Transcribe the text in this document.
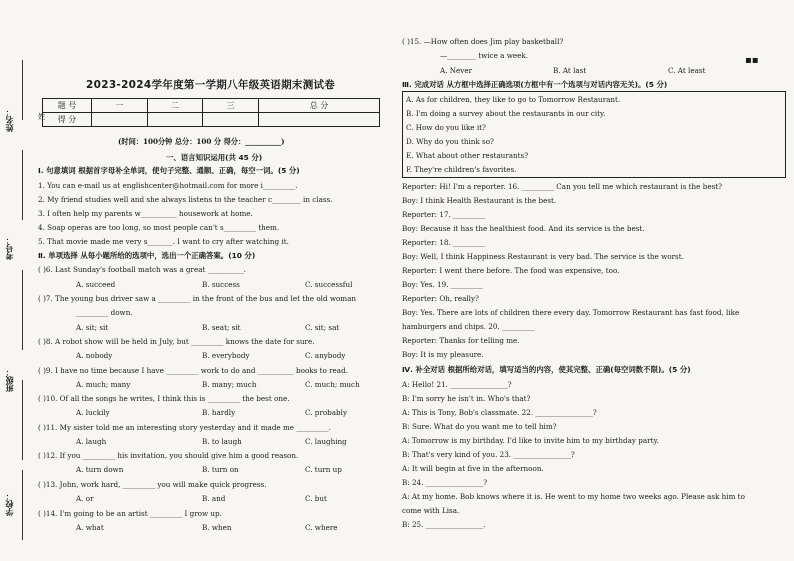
姓名：
考号：
班级：
学校：
姓
2023-2024学年度第一学期八年级英语期末测试卷
题 号	一	二	三	总 分
得 分				
(时间：100分钟 总分：100 分 得分：__________)
一、语言知识运用(共 45 分)
Ⅰ. 句意填词 根据首字母补全单词，使句子完整、通顺、正确，每空一词。(5 分)
1. You can e-mail us at englishcenter@hotmail.com for more i_________.
2. My friend studies well and she always listens to the teacher c________ in class.
3. I often help my parents w__________ housework at home.
4. Soap operas are too long, so most people can't s_________ them.
5. That movie made me very s_______. I want to cry after watching it.
Ⅱ. 单项选择 从每小题所给的选项中，选出一个正确答案。(10 分)
( )6. Last Sunday's football match was a great __________.
A. succeed	B. success	C. successful
( )7. The young bus driver saw a _________ in the front of the bus and let the old woman
_________ down.
A. sit; sit	B. seat; sit	C. sit; sat
( )8. A robot show will be held in July, but _________ knows the date for sure.
A. nobody	B. everybody	C. anybody
( )9. I have no time because I have _________ work to do and __________ books to read.
A. much; many	B. many; much	C. much; much
( )10. Of all the songs he writes, I think this is _________ the best one.
A. luckily	B. hardly	C. probably
( )11. My sister told me an interesting story yesterday and it made me _________.
A. laugh	B. to laugh	C. laughing
( )12. If you _________ his invitation, you should give him a good reason.
A. turn down	B. turn on	C. turn up
( )13. John, work hard, _________ you will make quick progress.
A. or	B. and	C. but
( )14. I'm going to be an artist _________ I grow up.
A. what	B. when	C. where
( )15. —How often does Jim play basketball?
—________ twice a week.
A. Never	B. At last	C. At least
▪▪
Ⅲ. 完成对话 从方框中选择正确选项(方框中有一个选项与对话内容无关)。(5 分)
A. As for children, they like to go to Tomorrow Restaurant.
B. I'm doing a survey about the restaurants in our city.
C. How do you like it?
D. Why do you think so?
E. What about other restaurants?
F. They're children's favorites.
Reporter: Hi! I'm a reporter. 16. _________ Can you tell me which restaurant is the best?
Boy: I think Health Restaurant is the best.
Reporter: 17. _________
Boy: Because it has the healthiest food. And its service is the best.
Reporter: 18. _________
Boy: Well, I think Happiness Restaurant is very bad. The service is the worst.
Reporter: I went there before. The food was expensive, too.
Boy: Yes. 19. _________
Reporter: Oh, really?
Boy: Yes. There are lots of children there every day. Tomorrow Restaurant has fast food, like
hamburgers and chips. 20. _________
Reporter: Thanks for telling me.
Boy: It is my pleasure.
Ⅳ. 补全对话 根据所给对话，填写适当的内容，使其完整、正确(每空词数不限)。(5 分)
A: Hello! 21. ________________?
B: I'm sorry he isn't in. Who's that?
A: This is Tony, Bob's classmate. 22. ________________?
B: Sure. What do you want me to tell him?
A: Tomorrow is my birthday. I'd like to invite him to my birthday party.
B: That's very kind of you. 23. ________________?
A: It will begin at five in the afternoon.
B: 24. ________________?
A: At my home. Bob knows where it is. He went to my home two weeks ago. Please ask him to
come with Lisa.
B: 25. ________________.
